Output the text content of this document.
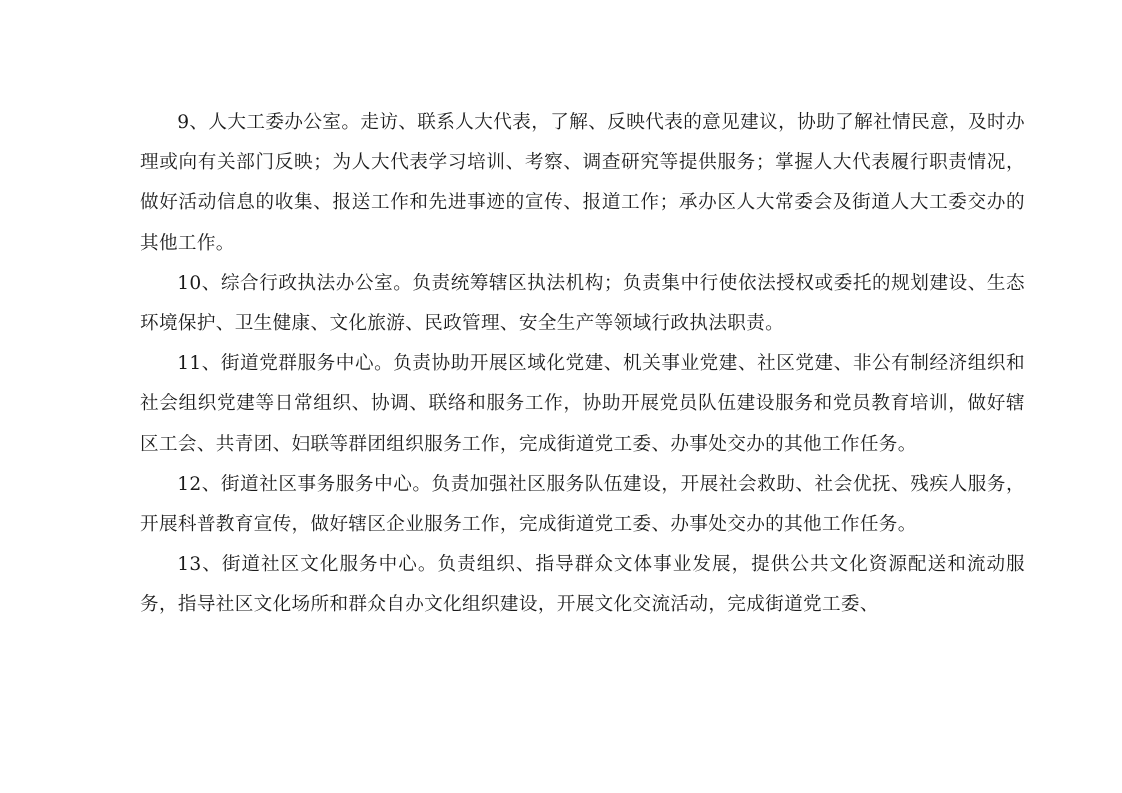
9、人大工委办公室。走访、联系人大代表，了解、反映代表的意见建议，协助了解社情民意，及时办理或向有关部门反映；为人大代表学习培训、考察、调查研究等提供服务；掌握人大代表履行职责情况，做好活动信息的收集、报送工作和先进事迹的宣传、报道工作；承办区人大常委会及街道人大工委交办的其他工作。

10、综合行政执法办公室。负责统筹辖区执法机构；负责集中行使依法授权或委托的规划建设、生态环境保护、卫生健康、文化旅游、民政管理、安全生产等领域行政执法职责。

11、街道党群服务中心。负责协助开展区域化党建、机关事业党建、社区党建、非公有制经济组织和社会组织党建等日常组织、协调、联络和服务工作，协助开展党员队伍建设服务和党员教育培训，做好辖区工会、共青团、妇联等群团组织服务工作，完成街道党工委、办事处交办的其他工作任务。

12、街道社区事务服务中心。负责加强社区服务队伍建设，开展社会救助、社会优抚、残疾人服务，开展科普教育宣传，做好辖区企业服务工作，完成街道党工委、办事处交办的其他工作任务。

13、街道社区文化服务中心。负责组织、指导群众文体事业发展，提供公共文化资源配送和流动服务，指导社区文化场所和群众自办文化组织建设，开展文化交流活动，完成街道党工委、
